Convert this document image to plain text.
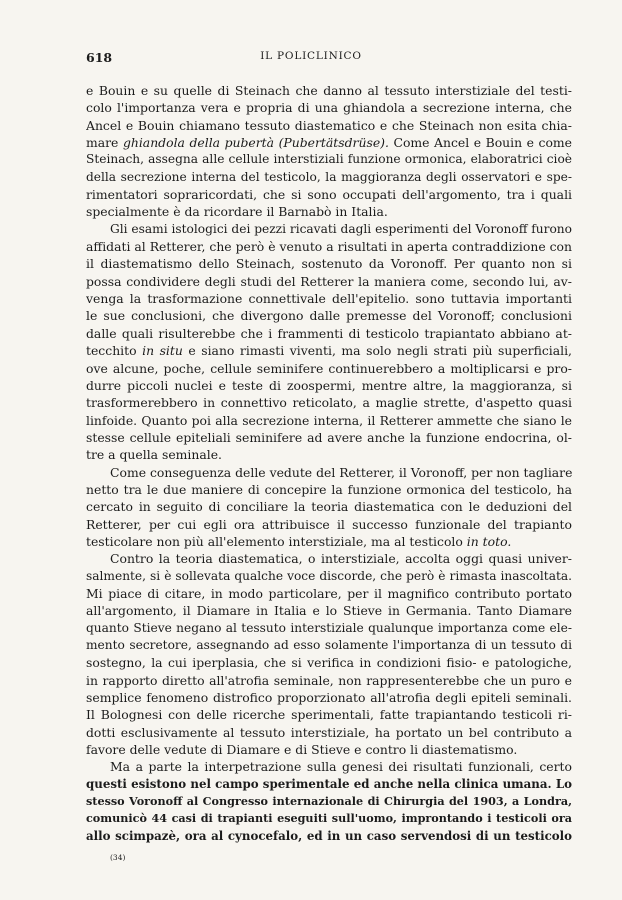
618	IL POLICLINICO
e Bouin e su quelle di Steinach che danno al tessuto interstiziale del testi-
colo l'importanza vera e propria di una ghiandola a secrezione interna, che
Ancel e Bouin chiamano tessuto diastematico e che Steinach non esita chia-
mare ghiandola della pubertà (Pubertätsdrüse). Come Ancel e Bouin e come
Steinach, assegna alle cellule interstiziali funzione ormonica, elaboratrici cioè
della secrezione interna del testicolo, la maggioranza degli osservatori e spe-
rimentatori sopraricordati, che si sono occupati dell'argomento, tra i quali
specialmente è da ricordare il Barnabò in Italia.
Gli esami istologici dei pezzi ricavati dagli esperimenti del Voronoff furono
affidati al Retterer, che però è venuto a risultati in aperta contraddizione con
il diastematismo dello Steinach, sostenuto da Voronoff. Per quanto non si
possa condividere degli studi del Retterer la maniera come, secondo lui, av-
venga la trasformazione connettivale dell'epitelio. sono tuttavia importanti
le sue conclusioni, che divergono dalle premesse del Voronoff; conclusioni
dalle quali risulterebbe che i frammenti di testicolo trapiantato abbiano at-
tecchito in situ e siano rimasti viventi, ma solo negli strati più superficiali,
ove alcune, poche, cellule seminifere continuerebbero a moltiplicarsi e pro-
durre piccoli nuclei e teste di zoospermi, mentre altre, la maggioranza, si
trasformerebbero in connettivo reticolato, a maglie strette, d'aspetto quasi
linfoide. Quanto poi alla secrezione interna, il Retterer ammette che siano le
stesse cellule epiteliali seminifere ad avere anche la funzione endocrina, ol-
tre a quella seminale.
Come conseguenza delle vedute del Retterer, il Voronoff, per non tagliare
netto tra le due maniere di concepire la funzione ormonica del testicolo, ha
cercato in seguito di conciliare la teoria diastematica con le deduzioni del
Retterer, per cui egli ora attribuisce il successo funzionale del trapianto
testicolare non più all'elemento interstiziale, ma al testicolo in toto.
Contro la teoria diastematica, o interstiziale, accolta oggi quasi univer-
salmente, si è sollevata qualche voce discorde, che però è rimasta inascoltata.
Mi piace di citare, in modo particolare, per il magnifico contributo portato
all'argomento, il Diamare in Italia e lo Stieve in Germania. Tanto Diamare
quanto Stieve negano al tessuto interstiziale qualunque importanza come ele-
mento secretore, assegnando ad esso solamente l'importanza di un tessuto di
sostegno, la cui iperplasia, che si verifica in condizioni fisio- e patologiche,
in rapporto diretto all'atrofia seminale, non rappresenterebbe che un puro e
semplice fenomeno distrofico proporzionato all'atrofia degli epiteli seminali.
Il Bolognesi con delle ricerche sperimentali, fatte trapiantando testicoli ri-
dotti esclusivamente al tessuto interstiziale, ha portato un bel contributo a
favore delle vedute di Diamare e di Stieve e contro li diastematismo.
Ma a parte la interpetrazione sulla genesi dei risultati funzionali, certo
questi esistono nel campo sperimentale ed anche nella clinica umana. Lo
stesso Voronoff al Congresso internazionale di Chirurgia del 1903, a Londra,
comunicò 44 casi di trapianti eseguiti sull'uomo, improntando i testicoli ora
allo scimpazè, ora al cynocefalo, ed in un caso servendosi di un testicolo
(34)
